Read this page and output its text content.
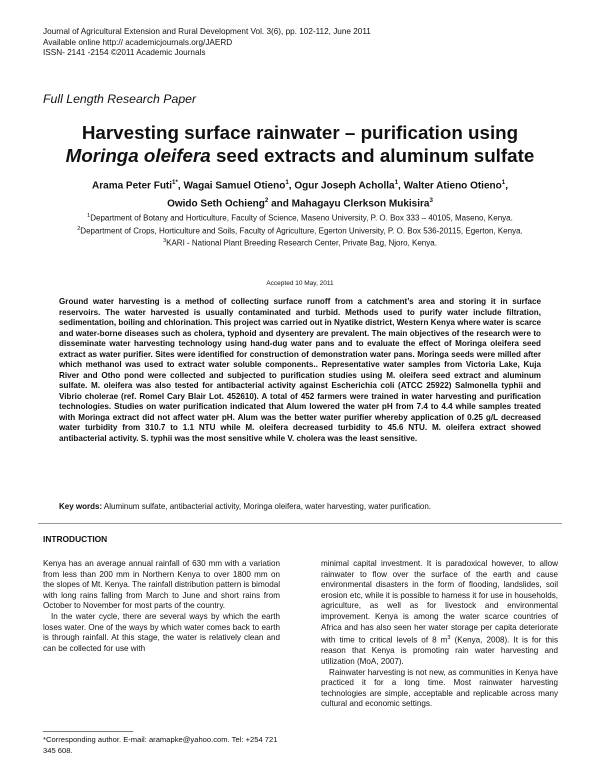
Journal of Agricultural Extension and Rural Development Vol. 3(6), pp. 102-112, June 2011
Available online http:// academicjournals.org/JAERD
ISSN- 2141 -2154 ©2011 Academic Journals
Full Length Research Paper
Harvesting surface rainwater – purification using
Moringa oleifera seed extracts and aluminum sulfate
Arama Peter Futi$^{1*}$, Wagai Samuel Otieno$^1$, Ogur Joseph Acholla$^1$, Walter Atieno Otieno$^1$,
Owido Seth Ochieng$^2$ and Mahagayu Clerkson Mukisira$^3$

$^1$Department of Botany and Horticulture, Faculty of Science, Maseno University, P. O. Box 333 – 40105, Maseno, Kenya.

$^2$Department of Crops, Horticulture and Soils, Faculty of Agriculture, Egerton University, P. O. Box 536-20115, Egerton, Kenya.

$^3$KARI - National Plant Breeding Research Center, Private Bag, Njoro, Kenya.

Accepted 10 May, 2011

Ground water harvesting is a method of collecting surface runoff from a catchment’s area and storing it in surface reservoirs. The water harvested is usually contaminated and turbid. Methods used to purify water include filtration, sedimentation, boiling and chlorination. This project was carried out in Nyatike district, Western Kenya where water is scarce and water-borne diseases such as cholera, typhoid and dysentery are prevalent. The main objectives of the research were to disseminate water harvesting technology using hand-dug water pans and to evaluate the effect of Moringa oleifera seed extract as water purifier. Sites were identified for construction of demonstration water pans. Moringa seeds were milled after which methanol was used to extract water soluble components.. Representative water samples from Victoria Lake, Kuja River and Otho pond were collected and subjected to purification studies using M. oleifera seed extract and aluminum sulfate. M. oleifera was also tested for antibacterial activity against Escherichia coli (ATCC 25922) Salmonella typhii and Vibrio cholerae (ref. Romel Cary Blair Lot. 452610). A total of 452 farmers were trained in water harvesting and purification technologies. Studies on water purification indicated that Alum lowered the water pH from 7.4 to 4.4 while samples treated with Moringa extract did not affect water pH. Alum was the better water purifier whereby application of 0.25 g/L decreased water turbidity from 310.7 to 1.1 NTU while M. oleifera decreased turbidity to 45.6 NTU. M. oleifera extract showed antibacterial activity. S. typhii was the most sensitive while V. cholera was the least sensitive.

Key words: Aluminum sulfate, antibacterial activity, Moringa oleifera, water harvesting, water purification.
INTRODUCTION

Kenya has an average annual rainfall of 630 mm with a variation from less than 200 mm in Northern Kenya to over 1800 mm on the slopes of Mt. Kenya. The rainfall distribution pattern is bimodal with long rains falling from March to June and short rains from October to November for most parts of the country.

In the water cycle, there are several ways by which the earth loses water. One of the ways by which water comes back to earth is through rainfall. At this stage, the water is relatively clean and can be collected for use with

minimal capital investment. It is paradoxical however, to allow rainwater to flow over the surface of the earth and cause environmental disasters in the form of flooding, landslides, soil erosion etc, while it is possible to harness it for use in households, agriculture, as well as for livestock and environmental improvement. Kenya is among the water scarce countries of Africa and has also seen her water storage per capita deteriorate with time to critical levels of 8 $m^3$ (Kenya, 2008). It is for this reason that Kenya is promoting rain water harvesting and utilization (MoA, 2007).

Rainwater harvesting is not new, as communities in Kenya have practiced it for a long time. Most rainwater harvesting technologies are simple, acceptable and replicable across many cultural and economic settings.

*Corresponding author. E-mail: aramapke@yahoo.com. Tel: +254 721 345 608.
